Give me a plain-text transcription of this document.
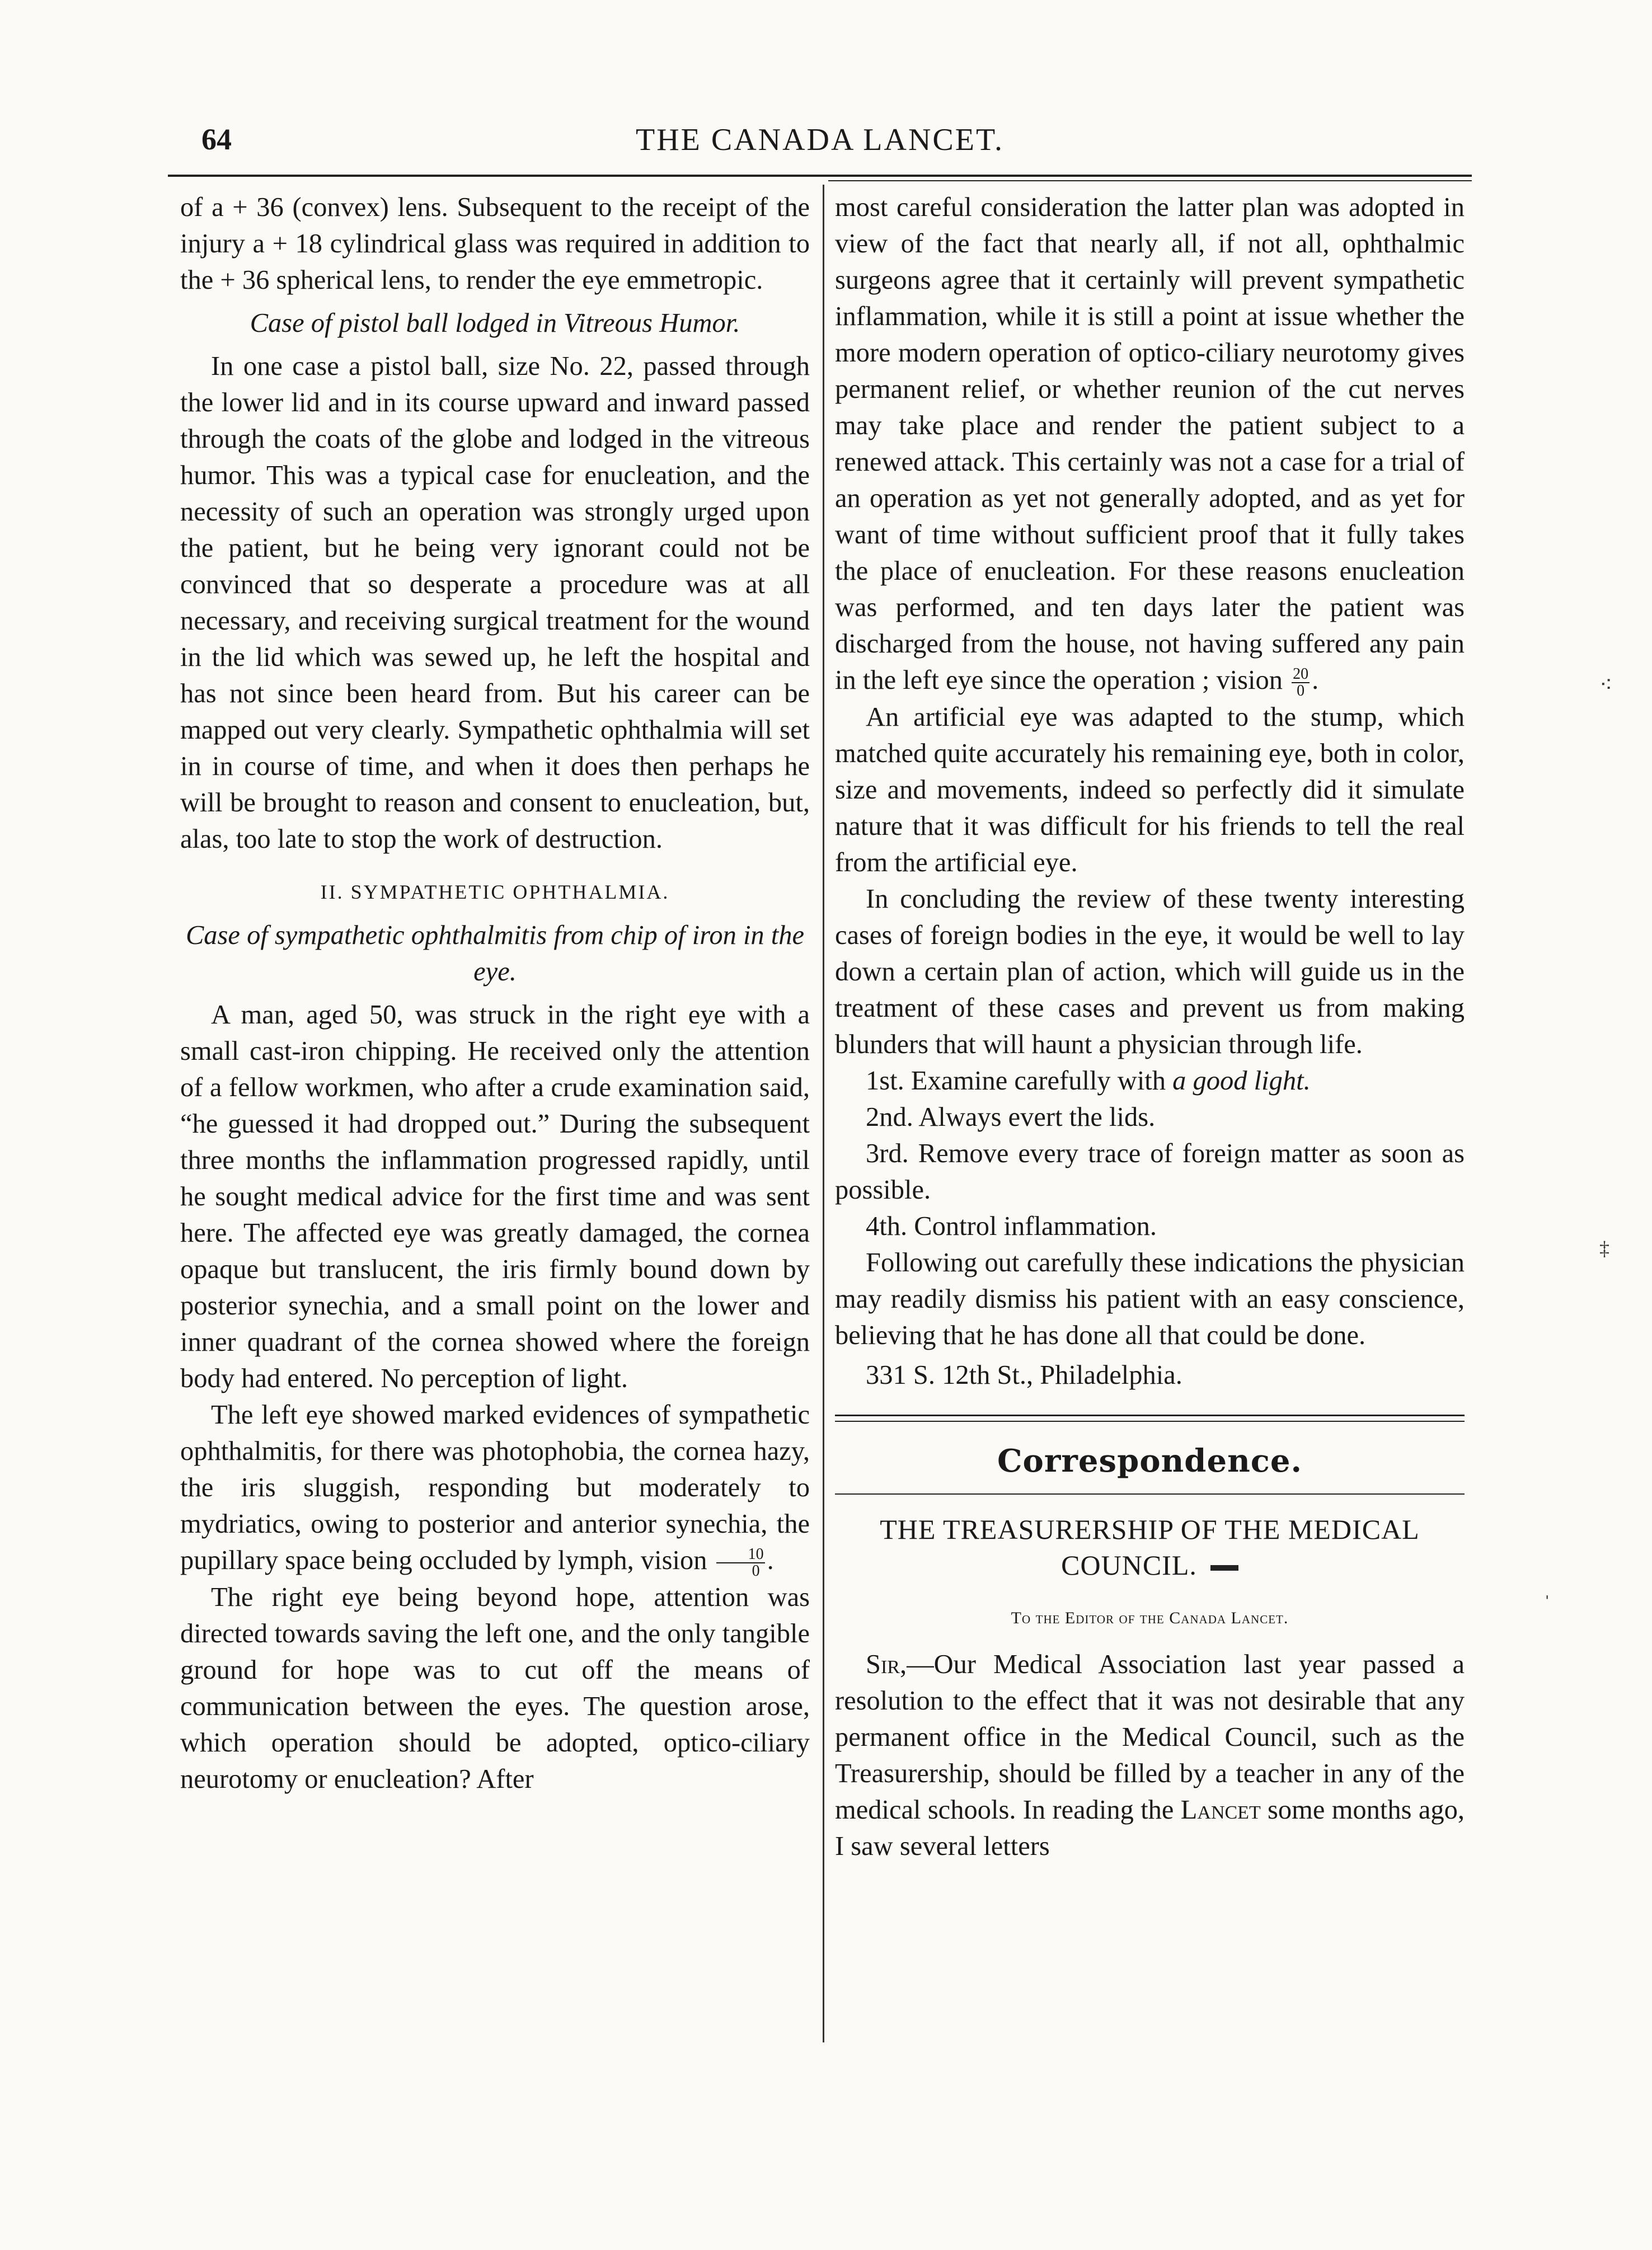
64	THE CANADA LANCET.

of a + 36 (convex) lens. Subsequent to the receipt of the injury a + 18 cylindrical glass was required in addition to the + 36 spherical lens, to render the eye emmetropic.

Case of pistol ball lodged in Vitreous Humor.

In one case a pistol ball, size No. 22, passed through the lower lid and in its course upward and inward passed through the coats of the globe and lodged in the vitreous humor. This was a typical case for enucleation, and the necessity of such an operation was strongly urged upon the patient, but he being very ignorant could not be convinced that so desperate a procedure was at all necessary, and receiving surgical treatment for the wound in the lid which was sewed up, he left the hospital and has not since been heard from. But his career can be mapped out very clearly. Sympathetic ophthalmia will set in in course of time, and when it does then perhaps he will be brought to reason and consent to enucleation, but, alas, too late to stop the work of destruction.

II. SYMPATHETIC OPHTHALMIA.

Case of sympathetic ophthalmitis from chip of iron in the eye.

A man, aged 50, was struck in the right eye with a small cast-iron chipping. He received only the attention of a fellow workmen, who after a crude examination said, “he guessed it had dropped out.” During the subsequent three months the inflammation progressed rapidly, until he sought medical advice for the first time and was sent here. The affected eye was greatly damaged, the cornea opaque but translucent, the iris firmly bound down by posterior synechia, and a small point on the lower and inner quadrant of the cornea showed where the foreign body had entered. No perception of light.

The left eye showed marked evidences of sympathetic ophthalmitis, for there was photophobia, the cornea hazy, the iris sluggish, responding but moderately to mydriatics, owing to posterior and anterior synechia, the pupillary space being occluded by lymph, vision $\frac{10}{0}$ .

The right eye being beyond hope, attention was directed towards saving the left one, and the only tangible ground for hope was to cut off the means of communication between the eyes. The question arose, which operation should be adopted, optico-ciliary neurotomy or enucleation? After

most careful consideration the latter plan was adopted in view of the fact that nearly all, if not all, ophthalmic surgeons agree that it certainly will prevent sympathetic inflammation, while it is still a point at issue whether the more modern operation of optico-ciliary neurotomy gives permanent relief, or whether reunion of the cut nerves may take place and render the patient subject to a renewed attack. This certainly was not a case for a trial of an operation as yet not generally adopted, and as yet for want of time without sufficient proof that it fully takes the place of enucleation. For these reasons enucleation was performed, and ten days later the patient was discharged from the house, not having suffered any pain in the left eye since the operation ; vision $\frac{20}{0}$ .

An artificial eye was adapted to the stump, which matched quite accurately his remaining eye, both in color, size and movements, indeed so perfectly did it simulate nature that it was difficult for his friends to tell the real from the artificial eye.

In concluding the review of these twenty interesting cases of foreign bodies in the eye, it would be well to lay down a certain plan of action, which will guide us in the treatment of these cases and prevent us from making blunders that will haunt a physician through life.

1st. Examine carefully with a good light.

2nd. Always evert the lids.

3rd. Remove every trace of foreign matter as soon as possible.

4th. Control inflammation.

Following out carefully these indications the physician may readily dismiss his patient with an easy conscience, believing that he has done all that could be done.

331 S. 12th St., Philadelphia.

Correspondence.

THE TREASURERSHIP OF THE MEDICAL COUNCIL.

To the Editor of the Canada Lancet.

Sir,—Our Medical Association last year passed a resolution to the effect that it was not desirable that any permanent office in the Medical Council, such as the Treasurership, should be filled by a teacher in any of the medical schools. In reading the Lancet some months ago, I saw several letters

⁖
‡
ˈ
